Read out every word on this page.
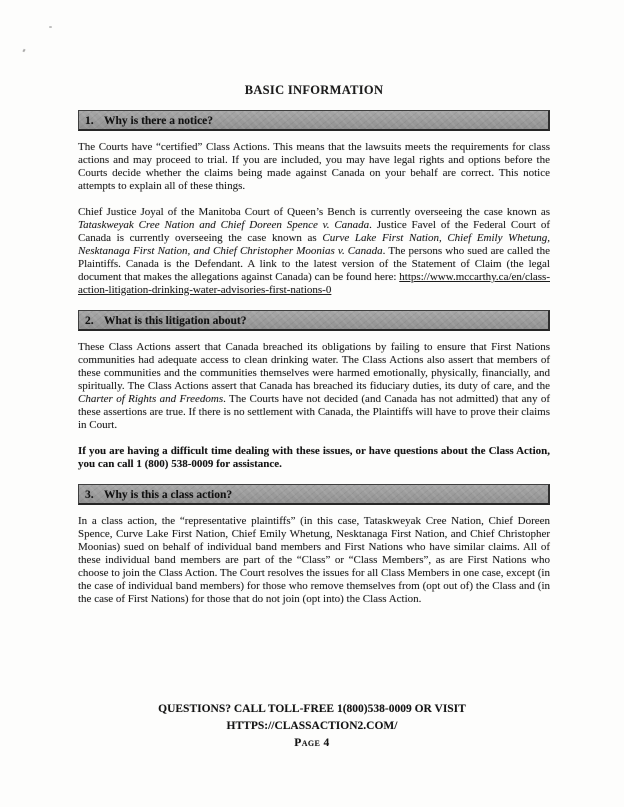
BASIC INFORMATION
1. Why is there a notice?

The Courts have “certified” Class Actions. This means that the lawsuits meets the requirements for class actions and may proceed to trial. If you are included, you may have legal rights and options before the Courts decide whether the claims being made against Canada on your behalf are correct. This notice attempts to explain all of these things.

Chief Justice Joyal of the Manitoba Court of Queen’s Bench is currently overseeing the case known as Tataskweyak Cree Nation and Chief Doreen Spence v. Canada. Justice Favel of the Federal Court of Canada is currently overseeing the case known as Curve Lake First Nation, Chief Emily Whetung, Nesktanaga First Nation, and Chief Christopher Moonias v. Canada. The persons who sued are called the Plaintiffs. Canada is the Defendant. A link to the latest version of the Statement of Claim (the legal document that makes the allegations against Canada) can be found here: https://www.mccarthy.ca/en/class-action-litigation-drinking-water-advisories-first-nations-0

2. What is this litigation about?

These Class Actions assert that Canada breached its obligations by failing to ensure that First Nations communities had adequate access to clean drinking water. The Class Actions also assert that members of these communities and the communities themselves were harmed emotionally, physically, financially, and spiritually. The Class Actions assert that Canada has breached its fiduciary duties, its duty of care, and the Charter of Rights and Freedoms. The Courts have not decided (and Canada has not admitted) that any of these assertions are true. If there is no settlement with Canada, the Plaintiffs will have to prove their claims in Court.

If you are having a difficult time dealing with these issues, or have questions about the Class Action, you can call 1 (800) 538-0009 for assistance.

3. Why is this a class action?

In a class action, the “representative plaintiffs” (in this case, Tataskweyak Cree Nation, Chief Doreen Spence, Curve Lake First Nation, Chief Emily Whetung, Nesktanaga First Nation, and Chief Christopher Moonias) sued on behalf of individual band members and First Nations who have similar claims. All of these individual band members are part of the “Class” or “Class Members”, as are First Nations who choose to join the Class Action. The Court resolves the issues for all Class Members in one case, except (in the case of individual band members) for those who remove themselves from (opt out of) the Class and (in the case of First Nations) for those that do not join (opt into) the Class Action.

QUESTIONS? CALL TOLL-FREE 1(800)538-0009 OR VISIT
HTTPS://CLASSACTION2.COM/
Page 4
